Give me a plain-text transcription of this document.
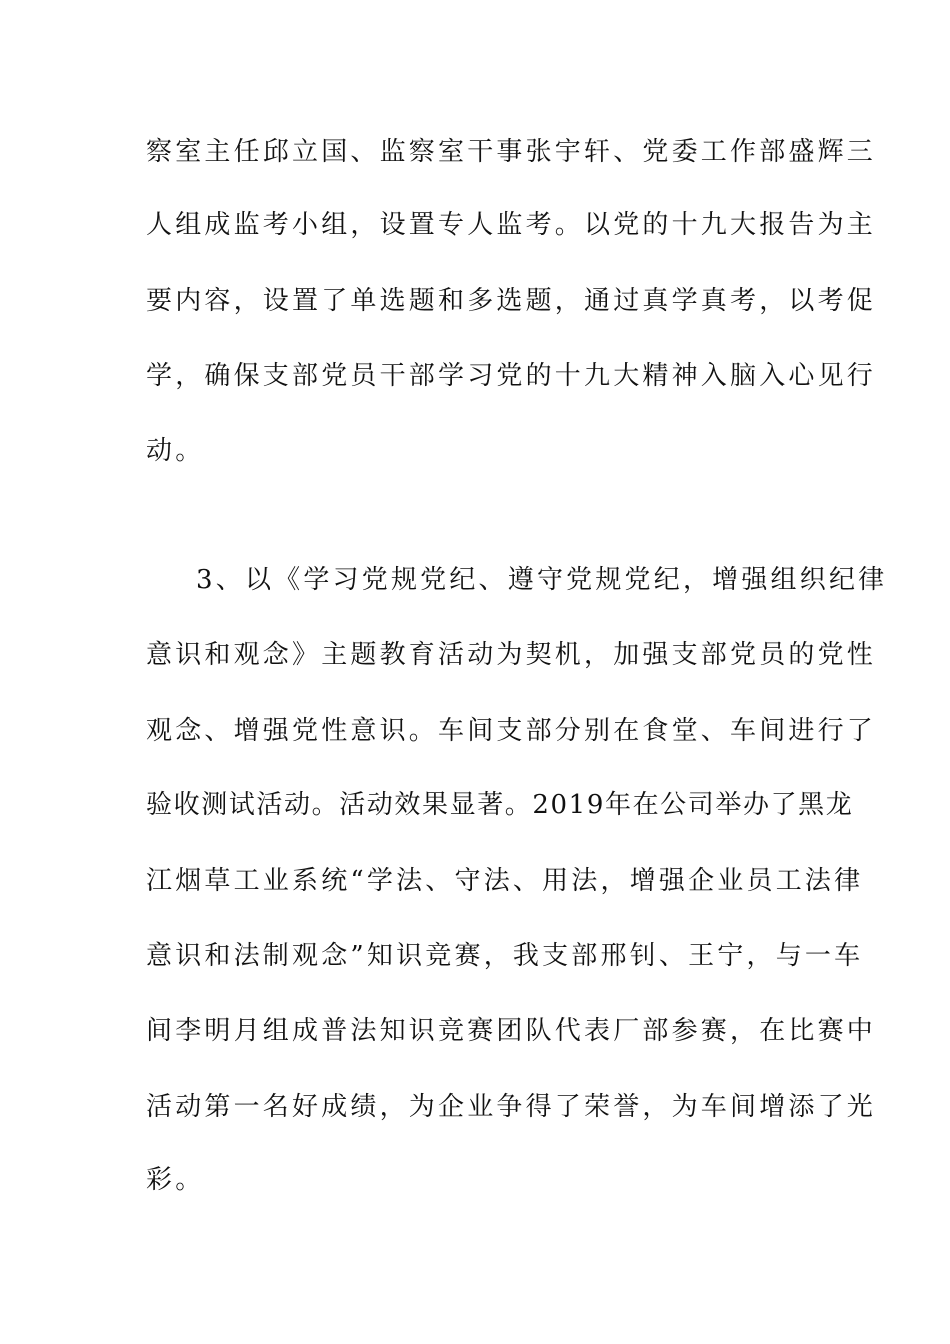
察室主任邱立国、监察室干事张宇轩、党委工作部盛辉三
人组成监考小组，设置专人监考。以党的十九大报告为主
要内容，设置了单选题和多选题，通过真学真考，以考促
学，确保支部党员干部学习党的十九大精神入脑入心见行
动。
3、以《学习党规党纪、遵守党规党纪，增强组织纪律
意识和观念》主题教育活动为契机，加强支部党员的党性
观念、增强党性意识。车间支部分别在食堂、车间进行了
验收测试活动。活动效果显著。2019年在公司举办了黑龙
江烟草工业系统“学法、守法、用法，增强企业员工法律
意识和法制观念”知识竞赛，我支部邢钊、王宁，与一车
间李明月组成普法知识竞赛团队代表厂部参赛，在比赛中
活动第一名好成绩，为企业争得了荣誉，为车间增添了光
彩。
